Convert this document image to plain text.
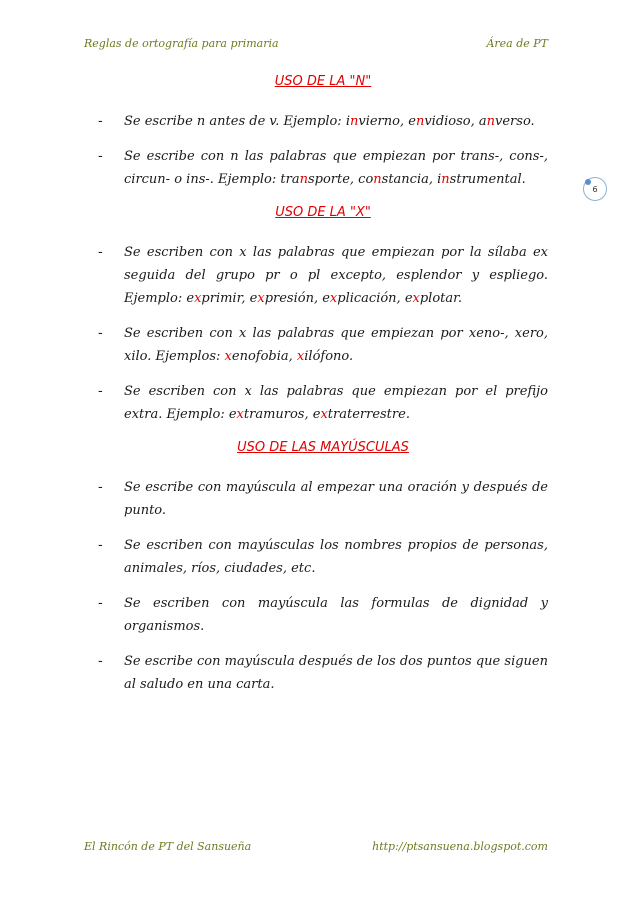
Reglas de ortografía para primaria	Área de PT
6
USO DE LA "N"
-	Se escribe n antes de v. Ejemplo: invierno, envidioso, anverso.
-	Se escribe con n las palabras que empiezan por trans-, cons-, circun- o ins-. Ejemplo: transporte, constancia, instrumental.
USO DE LA "X"
-	Se escriben con x las palabras que empiezan por la sílaba ex seguida del grupo pr o pl excepto, esplendor y espliego. Ejemplo: exprimir, expresión, explicación, explotar.
-	Se escriben con x las palabras que empiezan por xeno-, xero, xilo. Ejemplos: xenofobia, xilófono.
-	Se escriben con x las palabras que empiezan por el prefijo extra. Ejemplo: extramuros, extraterrestre.
USO DE LAS MAYÚSCULAS
-	Se escribe con mayúscula al empezar una oración y después de punto.
-	Se escriben con mayúsculas los nombres propios de personas, animales, ríos, ciudades, etc.
-	Se escriben con mayúscula las formulas de dignidad y organismos.
-	Se escribe con mayúscula después de los dos puntos que siguen al saludo en una carta.
El Rincón de PT del Sansueña	http://ptsansuena.blogspot.com
